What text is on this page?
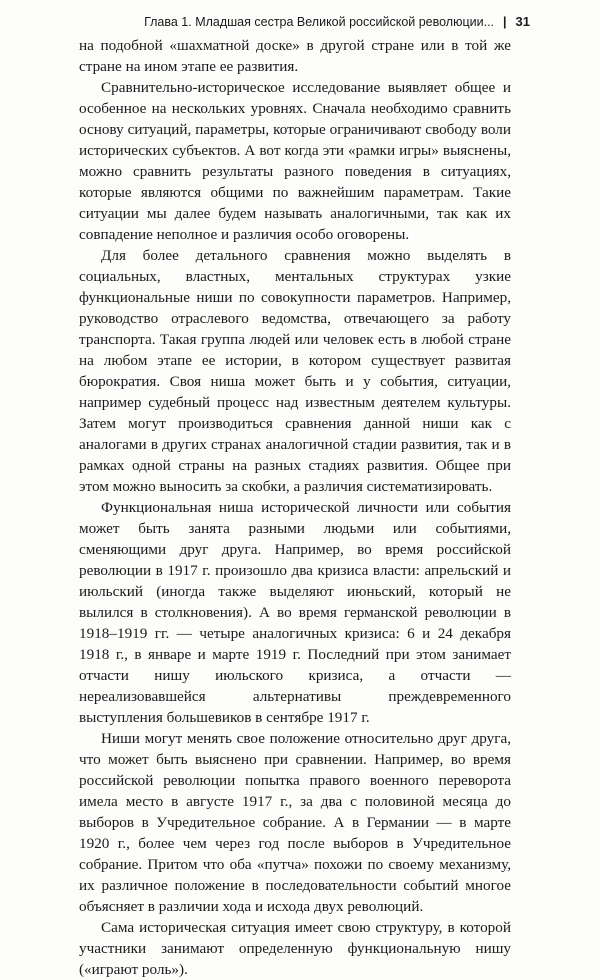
Глава 1. Младшая сестра Великой российской революции... | 31

на подобной «шахматной доске» в другой стране или в той же стране на ином этапе ее развития.

Сравнительно-историческое исследование выявляет общее и особенное на нескольких уровнях. Сначала необходимо сравнить основу ситуаций, параметры, которые ограничивают свободу воли исторических субъектов. А вот когда эти «рамки игры» выяснены, можно сравнить результаты разного поведения в ситуациях, которые являются общими по важнейшим параметрам. Такие ситуации мы далее будем называть аналогичными, так как их совпадение неполное и различия особо оговорены.

Для более детального сравнения можно выделять в социальных, властных, ментальных структурах узкие функциональные ниши по совокупности параметров. Например, руководство отраслевого ведомства, отвечающего за работу транспорта. Такая группа людей или человек есть в любой стране на любом этапе ее истории, в котором существует развитая бюрократия. Своя ниша может быть и у события, ситуации, например судебный процесс над известным деятелем культуры. Затем могут производиться сравнения данной ниши как с аналогами в других странах аналогичной стадии развития, так и в рамках одной страны на разных стадиях развития. Общее при этом можно выносить за скобки, а различия систематизировать.

Функциональная ниша исторической личности или события может быть занята разными людьми или событиями, сменяющими друг друга. Например, во время российской революции в 1917 г. произошло два кризиса власти: апрельский и июльский (иногда также выделяют июньский, который не вылился в столкновения). А во время германской революции в 1918–1919 гг. — четыре аналогичных кризиса: 6 и 24 декабря 1918 г., в январе и марте 1919 г. Последний при этом занимает отчасти нишу июльского кризиса, а отчасти — нереализовавшейся альтернативы преждевременного выступления большевиков в сентябре 1917 г.

Ниши могут менять свое положение относительно друг друга, что может быть выяснено при сравнении. Например, во время российской революции попытка правого военного переворота имела место в августе 1917 г., за два с половиной месяца до выборов в Учредительное собрание. А в Германии — в марте 1920 г., более чем через год после выборов в Учредительное собрание. Притом что оба «путча» похожи по своему механизму, их различное положение в последовательности событий многое объясняет в различии хода и исхода двух революций.

Сама историческая ситуация имеет свою структуру, в которой участники занимают определенную функциональную нишу («играют роль»).
